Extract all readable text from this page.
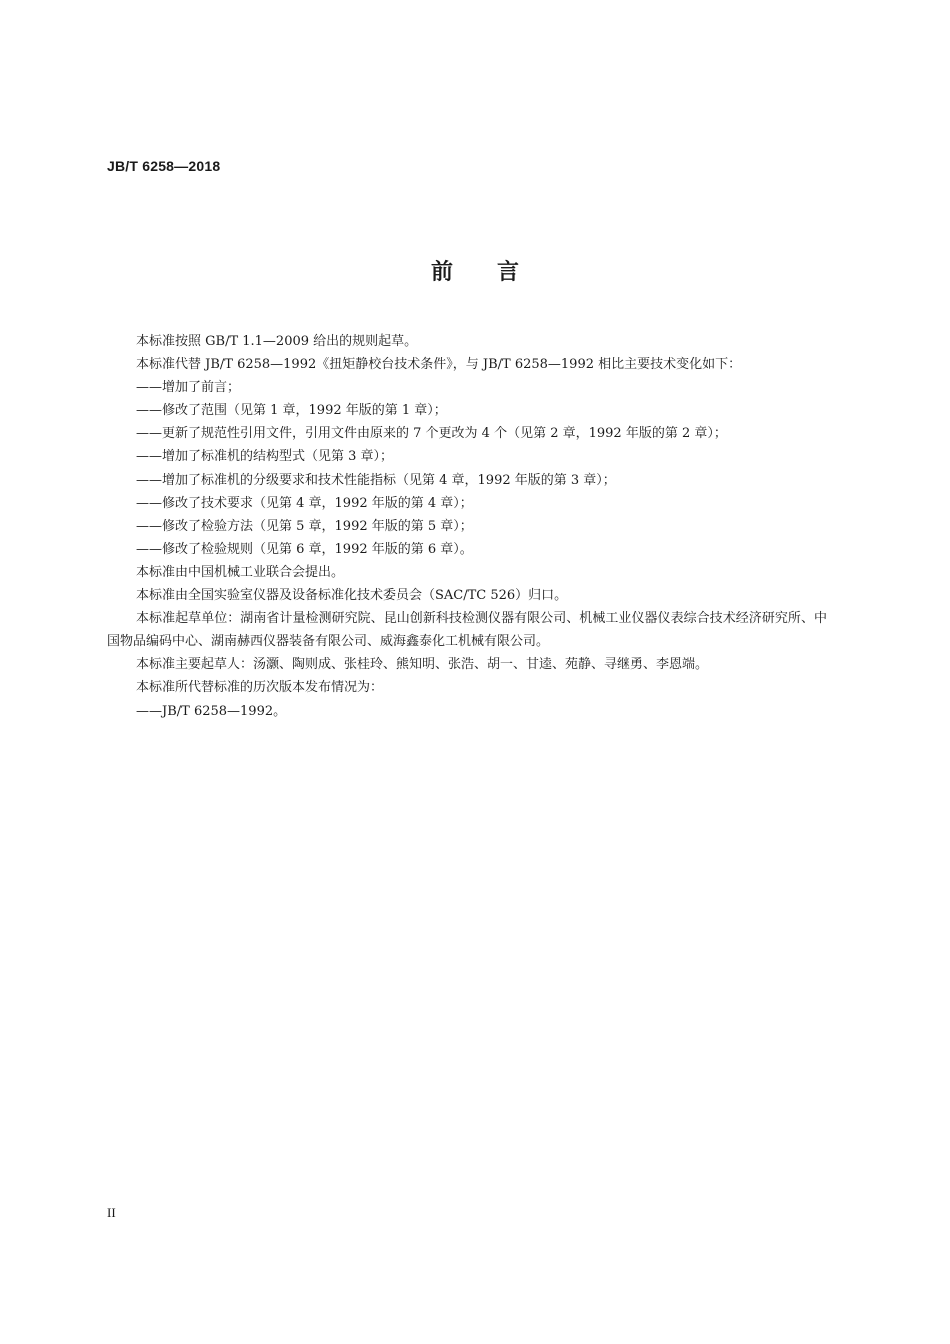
JB/T 6258—2018
前言

本标准按照 GB/T 1.1—2009 给出的规则起草。

本标准代替 JB/T 6258—1992《扭矩静校台技术条件》，与 JB/T 6258—1992 相比主要技术变化如下：

——增加了前言；

——修改了范围（见第 1 章，1992 年版的第 1 章）；

——更新了规范性引用文件，引用文件由原来的 7 个更改为 4 个（见第 2 章，1992 年版的第 2 章）；

——增加了标准机的结构型式（见第 3 章）；

——增加了标准机的分级要求和技术性能指标（见第 4 章，1992 年版的第 3 章）；

——修改了技术要求（见第 4 章，1992 年版的第 4 章）；

——修改了检验方法（见第 5 章，1992 年版的第 5 章）；

——修改了检验规则（见第 6 章，1992 年版的第 6 章）。

本标准由中国机械工业联合会提出。

本标准由全国实验室仪器及设备标准化技术委员会（SAC/TC 526）归口。

本标准起草单位：湖南省计量检测研究院、昆山创新科技检测仪器有限公司、机械工业仪器仪表综合技术经济研究所、中国物品编码中心、湖南赫西仪器装备有限公司、威海鑫泰化工机械有限公司。

本标准主要起草人：汤灏、陶则成、张桂玲、熊知明、张浩、胡一、甘逵、苑静、寻继勇、李恩端。

本标准所代替标准的历次版本发布情况为：

——JB/T 6258—1992。

II
